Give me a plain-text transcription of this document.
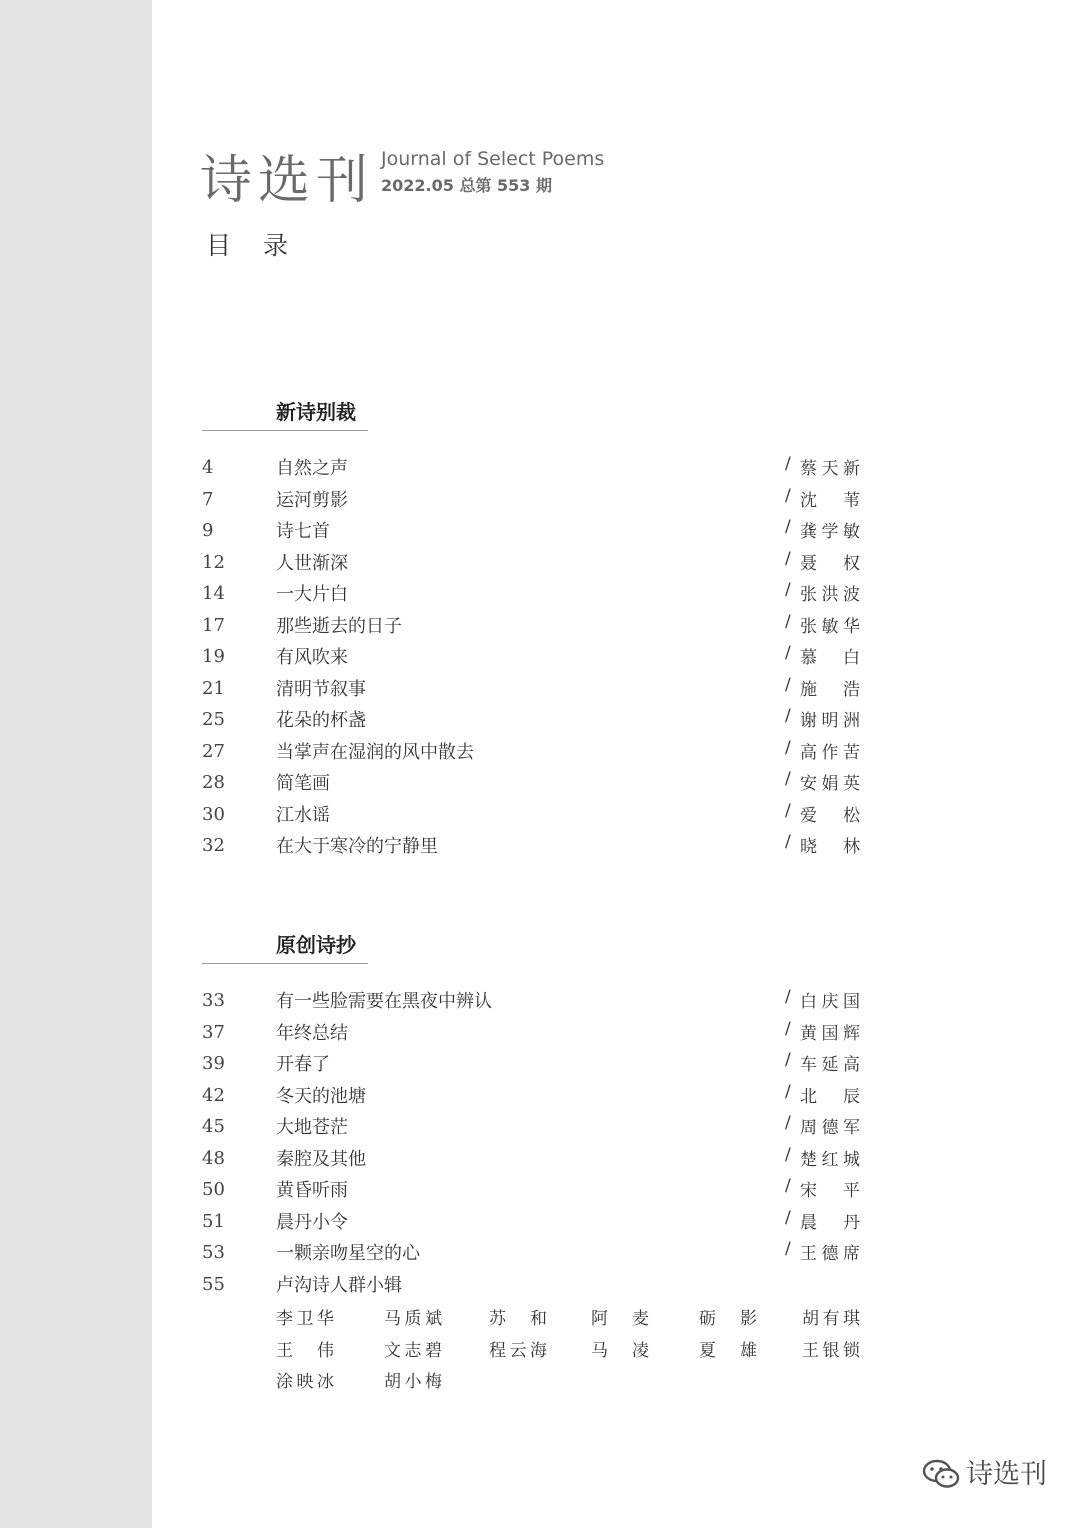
诗选刊 Journal of Select Poems
2022.05 总第 553 期
目 录
新诗别裁
4	自然之声	/ 蔡天新
7	运河剪影	/ 沈苇
9	诗七首	/ 龚学敏
12	人世渐深	/ 聂权
14	一大片白	/ 张洪波
17	那些逝去的日子	/ 张敏华
19	有风吹来	/ 慕白
21	清明节叙事	/ 施浩
25	花朵的杯盏	/ 谢明洲
27	当掌声在湿润的风中散去	/ 高作苦
28	简笔画	/ 安娟英
30	江水谣	/ 爱松
32	在大于寒冷的宁静里	/ 晓林
原创诗抄
33	有一些脸需要在黑夜中辨认	/ 白庆国
37	年终总结	/ 黄国辉
39	开春了	/ 车延高
42	冬天的池塘	/ 北辰
45	大地苍茫	/ 周德军
48	秦腔及其他	/ 楚红城
50	黄昏听雨	/ 宋平
51	晨丹小令	/ 晨丹
53	一颗亲吻星空的心	/ 王德席
55	卢沟诗人群小辑
李卫华	马质斌	苏和	阿麦	砺影	胡有琪
王伟	文志碧	程云海	马凌	夏雄	王银锁
涂映冰	胡小梅
诗选刊
